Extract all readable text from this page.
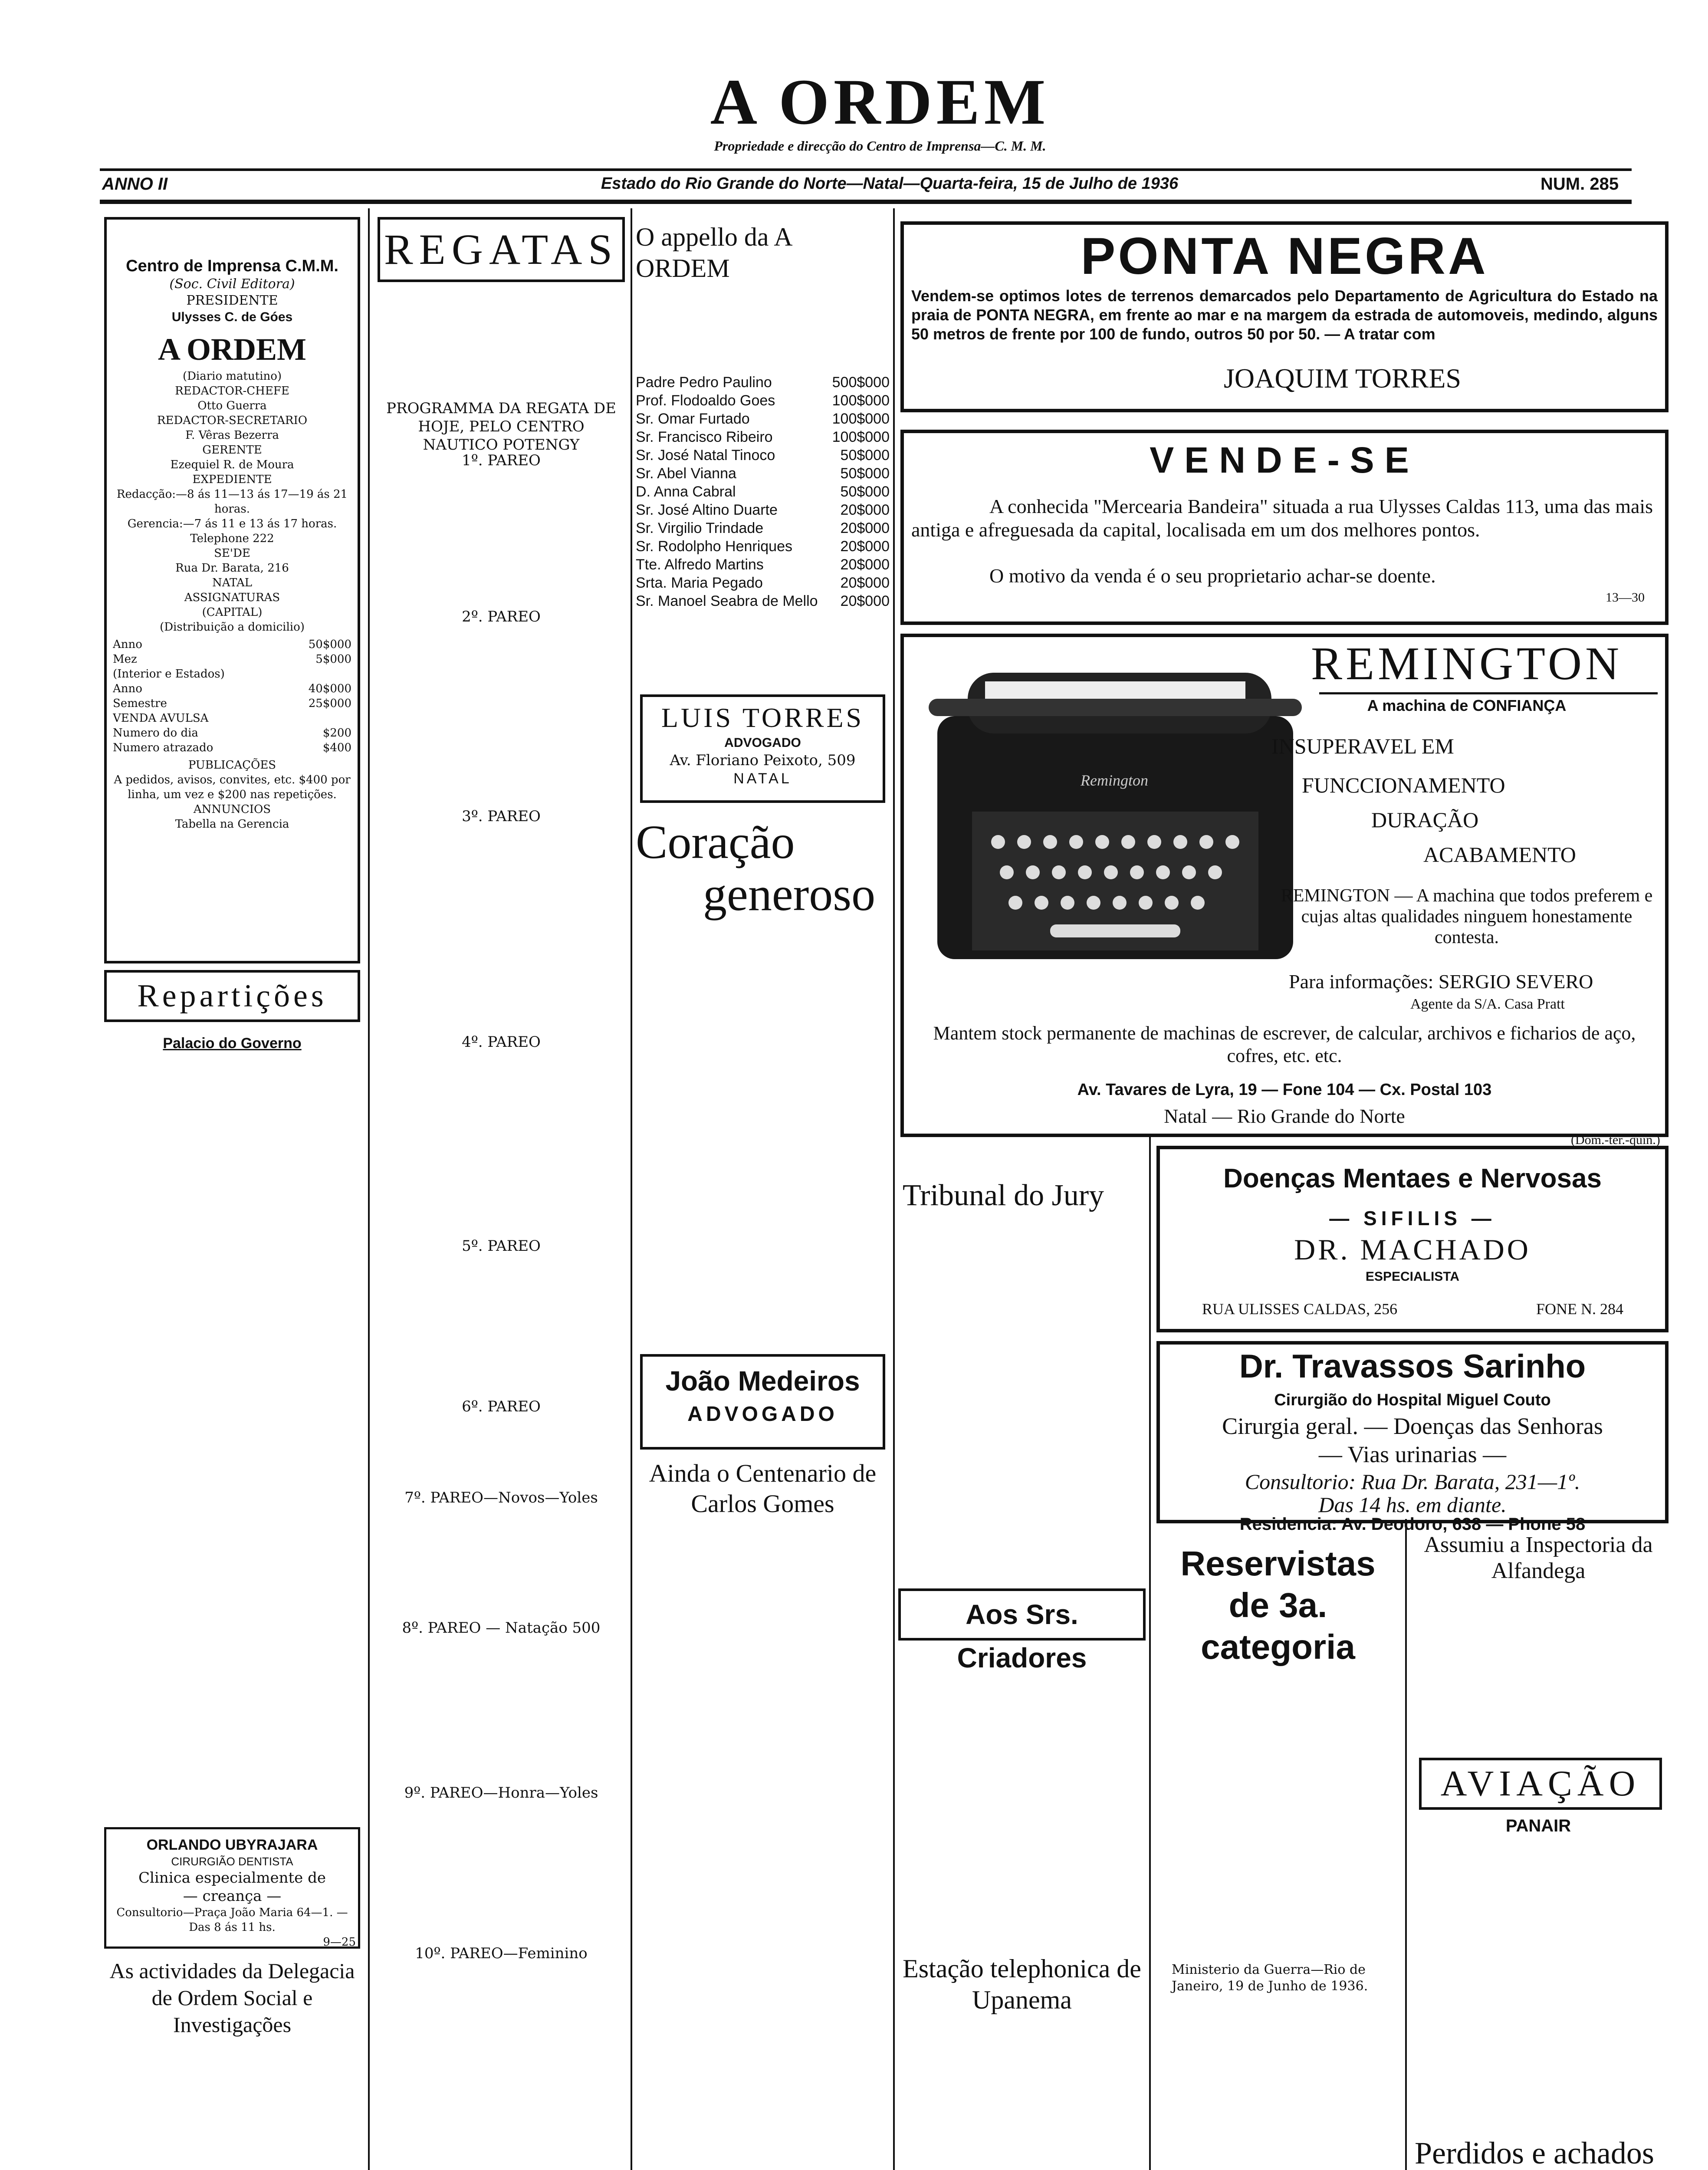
A ORDEM
Propriedade e direcção do Centro de Imprensa—C. M. M.
ANNO II	Estado do Rio Grande do Norte—Natal—Quarta-feira, 15 de Julho de 1936	NUM. 285
Centro de Imprensa C.M.M.
(Soc. Civil Editora)
PRESIDENTE
Ulysses C. de Góes
A ORDEM
(Diario matutino)
REDACTOR-CHEFE
Otto Guerra
REDACTOR-SECRETARIO
F. Vêras Bezerra
GERENTE
Ezequiel R. de Moura
EXPEDIENTE
Redacção:—8 ás 11—13 ás 17—19 ás 21 horas.
Gerencia:—7 ás 11 e 13 ás 17 horas.
Telephone 222
SE'DE
Rua Dr. Barata, 216
NATAL
ASSIGNATURAS
(CAPITAL)
(Distribuição a domicilio)
Anno	50$000
Mez	5$000
(Interior e Estados)
Anno	40$000
Semestre	25$000
VENDA AVULSA
Numero do dia	$200
Numero atrazado	$400
PUBLICAÇÕES
A pedidos, avisos, convites, etc. $400 por linha, um vez e $200 nas repetições.
ANNUNCIOS
Tabella na Gerencia
Repartições
Palacio do Governo
ORLANDO UBYRAJARA
CIRURGIÃO DENTISTA
Clinica especialmente de
— creança —
Consultorio—Praça João Maria 64—1. — Das 8 ás 11 hs.
9—25
As actividades da Delegacia de Ordem Social e Investigações
REGATAS
PROGRAMMA DA REGATA DE HOJE, PELO CENTRO NAUTICO POTENGY
1º. PAREO
2º. PAREO
3º. PAREO
4º. PAREO
5º. PAREO
6º. PAREO
7º. PAREO—Novos—Yoles
8º. PAREO — Natação 500
9º. PAREO—Honra—Yoles
10º. PAREO—Feminino
O appello da A ORDEM
Padre Pedro Paulino	500$000
Prof. Flodoaldo Goes	100$000
Sr. Omar Furtado	100$000
Sr. Francisco Ribeiro	100$000
Sr. José Natal Tinoco	50$000
Sr. Abel Vianna	50$000
D. Anna Cabral	50$000
Sr. José Altino Duarte	20$000
Sr. Virgilio Trindade	20$000
Sr. Rodolpho Henriques	20$000
Tte. Alfredo Martins	20$000
Srta. Maria Pegado	20$000
Sr. Manoel Seabra de Mello 20$000
LUIS TORRES
ADVOGADO
Av. Floriano Peixoto, 509
NATAL
Coração
generoso
João Medeiros
ADVOGADO
Ainda o Centenario de Carlos Gomes
PONTA NEGRA
Vendem-se optimos lotes de terrenos demarcados pelo Departamento de Agricultura do Estado na praia de PONTA NEGRA, em frente ao mar e na margem da estrada de automoveis, medindo, alguns 50 metros de frente por 100 de fundo, outros 50 por 50. — A tratar com
JOAQUIM TORRES
VENDE-SE
A conhecida "Mercearia Bandeira" situada a rua Ulysses Caldas 113, uma das mais antiga e afreguesada da capital, localisada em um dos melhores pontos.
O motivo da venda é o seu proprietario achar-se doente.
13—30
Remington
REMINGTON
A machina de CONFIANÇA
INSUPERAVEL EM
FUNCCIONAMENTO
DURAÇÃO
ACABAMENTO
REMINGTON — A machina que todos preferem e cujas altas qualidades ninguem honestamente contesta.
Para informações: SERGIO SEVERO
Agente da S/A. Casa Pratt
Mantem stock permanente de machinas de escrever, de calcular, archivos e ficharios de aço, cofres, etc. etc.
Av. Tavares de Lyra, 19 — Fone 104 — Cx. Postal 103
Natal — Rio Grande do Norte
(Dom.-ter.-quin.)
Tribunal do Jury
Aos Srs. Criadores
Estação telephonica de Upanema
Doenças Mentaes e Nervosas
— SIFILIS —
DR. MACHADO
ESPECIALISTA
RUA ULISSES CALDAS, 256	FONE N. 284
Dr. Travassos Sarinho
Cirurgião do Hospital Miguel Couto
Cirurgia geral. — Doenças das Senhoras
— Vias urinarias —
Consultorio: Rua Dr. Barata, 231—1º.
Das 14 hs. em diante.
Residencia: Av. Deodoro, 638 — Phone 58
Reservistas de 3a. categoria
Ministerio da Guerra—Rio de Janeiro, 19 de Junho de 1936.
Assumiu a Inspectoria da Alfandega
AVIAÇÃO
PANAIR
Perdidos e achados
